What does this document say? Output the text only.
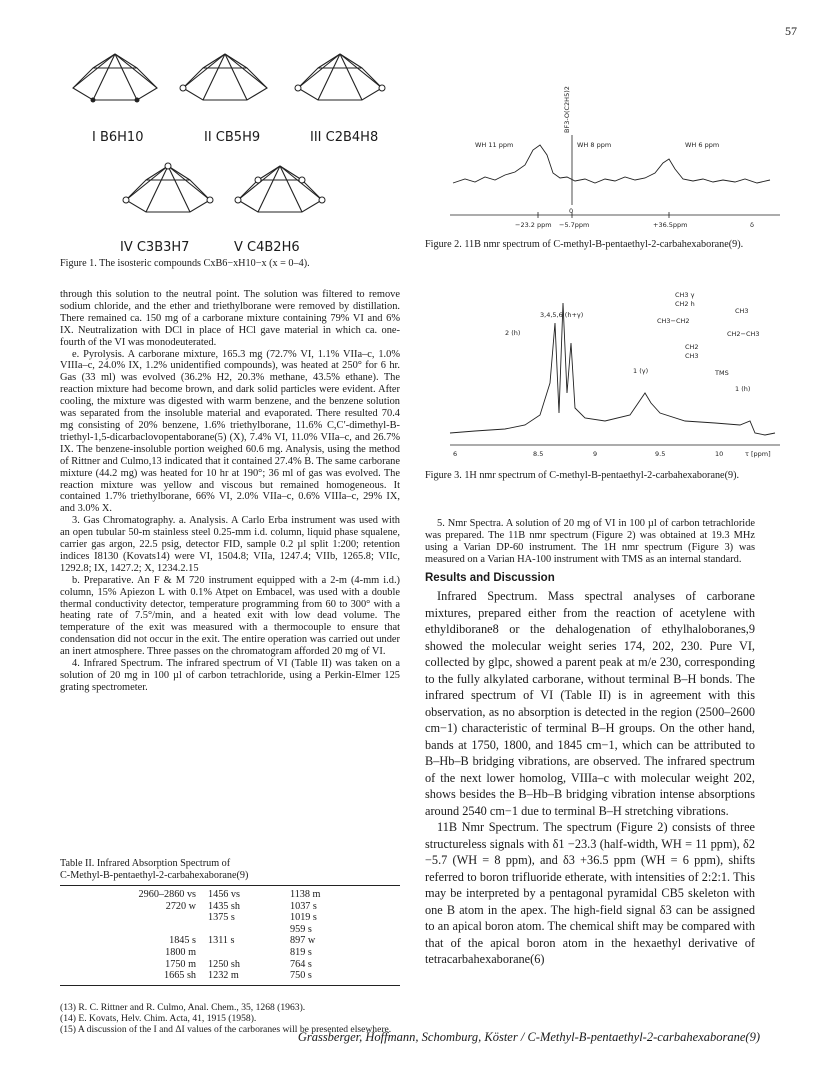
57
I B6H10	II CB5H9	III C2B4H8
IV C3B3H7	V C4B2H6
Figure 1. The isosteric compounds CxB6−xH10−x (x = 0–4).
BF3-O(C2H5)2
WH 11 ppm	WH 8 ppm	WH 6 ppm
0
−23.2 ppm −5.7ppm	+36.5ppm	δ
Figure 2. 11B nmr spectrum of C-methyl-B-pentaethyl-2-carbahexaborane(9).
3,4,5,6 (h+γ)
2 (h)
1 (γ)	TMS
1 (h)
6	8.5	9	9.5	10	τ [ppm]
CH3 γ
CH2 h
CH3
CH3−CH2
CH2−CH3
CH2
CH3
Figure 3. 1H nmr spectrum of C-methyl-B-pentaethyl-2-carbahexaborane(9).

through this solution to the neutral point. The solution was filtered to remove sodium chloride, and the ether and triethylborane were removed by distillation. There remained ca. 150 mg of a carborane mixture containing 79% VI and 6% IX. Neutralization with DCl in place of HCl gave material in which ca. one-fourth of the VI was monodeuterated.

e. Pyrolysis. A carborane mixture, 165.3 mg (72.7% VI, 1.1% VIIa–c, 1.0% VIIIa–c, 24.0% IX, 1.2% unidentified compounds), was heated at 250° for 6 hr. Gas (33 ml) was evolved (36.2% H2, 20.3% methane, 43.5% ethane). The reaction mixture had become brown, and dark solid particles were evident. After cooling, the mixture was digested with warm benzene, and the benzene solution was separated from the insoluble material and evaporated. There resulted 70.4 mg consisting of 20% benzene, 1.6% triethylborane, 11.6% C,C′-dimethyl-B-triethyl-1,5-dicarbaclovopentaborane(5) (X), 7.4% VI, 11.0% VIIa–c, and 26.7% IX. The benzene-insoluble portion weighed 60.6 mg. Analysis, using the method of Rittner and Culmo,13 indicated that it contained 27.4% B. The same carborane mixture (44.2 mg) was heated for 10 hr at 190°; 36 ml of gas was evolved. The reaction mixture was yellow and viscous but remained homogeneous. It contained 1.7% triethylborane, 66% VI, 2.0% VIIa–c, 0.6% VIIIa–c, 29% IX, and 3.0% X.

3. Gas Chromatography. a. Analysis. A Carlo Erba instrument was used with an open tubular 50-m stainless steel 0.25-mm i.d. column, liquid phase squalene, carrier gas argon, 22.5 psig, detector FID, sample 0.2 µl split 1:200; retention indices I8130 (Kovats14) were VI, 1504.8; VIIa, 1247.4; VIIb, 1265.8; VIIc, 1292.8; IX, 1427.2; X, 1234.2.15

b. Preparative. An F & M 720 instrument equipped with a 2-m (4-mm i.d.) column, 15% Apiezon L with 0.1% Atpet on Embacel, was used with a double thermal conductivity detector, temperature programming from 60 to 300° with a heating rate of 7.5°/min, and a heated exit with low dead volume. The temperature of the exit was measured with a thermocouple to ensure that condensation did not occur in the exit. The entire operation was carried out under an inert atmosphere. Three passes on the chromatogram afforded 20 mg of VI.

4. Infrared Spectrum. The infrared spectrum of VI (Table II) was taken on a solution of 20 mg in 100 µl of carbon tetrachloride, using a Perkin-Elmer 125 grating spectrometer.

Table II. Infrared Absorption Spectrum of
C-Methyl-B-pentaethyl-2-carbahexaborane(9)
2960–2860 vs	1456 vs	1138 m
2720 w	1435 sh	1037 s
	1375 s	1019 s
		959 s
1845 s	1311 s	897 w
1800 m		819 s
1750 m	1250 sh	764 s
1665 sh	1232 m	750 s
(13) R. C. Rittner and R. Culmo, Anal. Chem., 35, 1268 (1963).
(14) E. Kovats, Helv. Chim. Acta, 41, 1915 (1958).
(15) A discussion of the I and ΔI values of the carboranes will be presented elsewhere.
5. Nmr Spectra. A solution of 20 mg of VI in 100 µl of carbon tetrachloride was prepared. The 11B nmr spectrum (Figure 2) was obtained at 19.3 MHz using a Varian DP-60 instrument. The 1H nmr spectrum (Figure 3) was measured on a Varian HA-100 instrument with TMS as an internal standard.
Results and Discussion

Infrared Spectrum. Mass spectral analyses of carborane mixtures, prepared either from the reaction of acetylene with ethyldiborane8 or the dehalogenation of ethylhaloboranes,9 showed the molecular weight series 174, 202, 230. Pure VI, collected by glpc, showed a parent peak at m/e 230, corresponding to the fully alkylated carborane, without terminal B–H bonds. The infrared spectrum of VI (Table II) is in agreement with this observation, as no absorption is detected in the region (2500–2600 cm−1) characteristic of terminal B–H groups. On the other hand, bands at 1750, 1800, and 1845 cm−1, which can be attributed to B–Hb–B bridging vibrations, are observed. The infrared spectrum of the next lower homolog, VIIIa–c with molecular weight 202, shows besides the B–Hb–B bridging vibration intense absorptions around 2540 cm−1 due to terminal B–H stretching vibrations.

11B Nmr Spectrum. The spectrum (Figure 2) consists of three structureless signals with δ1 −23.3 (half-width, WH = 11 ppm), δ2 −5.7 (WH = 8 ppm), and δ3 +36.5 ppm (WH = 6 ppm), shifts referred to boron trifluoride etherate, with intensities of 2:2:1. This may be interpreted by a pentagonal pyramidal CB5 skeleton with one B atom in the apex. The high-field signal δ3 can be assigned to an apical boron atom. The chemical shift may be compared with that of the apical boron atom in the hexaethyl derivative of tetracarbahexaborane(6)

Grassberger, Hoffmann, Schomburg, Köster / C-Methyl-B-pentaethyl-2-carbahexaborane(9)
